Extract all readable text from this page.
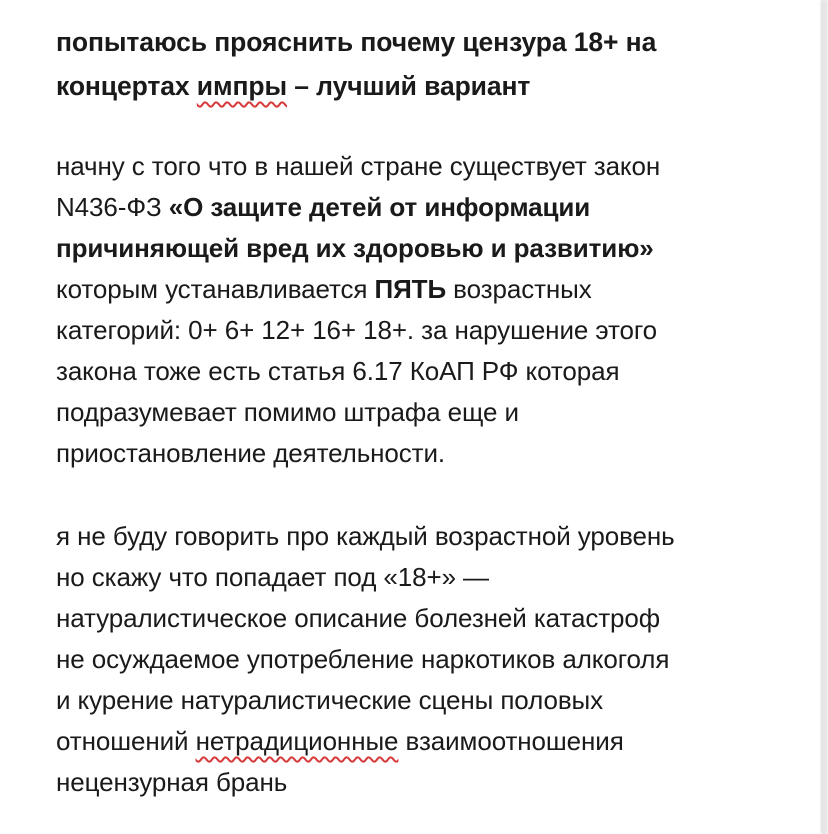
попытаюсь прояснить почему цензура 18+ на
концертах импры – лучший вариант
начну с того что в нашей стране существует закон
N436-ФЗ «О защите детей от информации
причиняющей вред их здоровью и развитию»
которым устанавливается ПЯТЬ возрастных
категорий: 0+ 6+ 12+ 16+ 18+. за нарушение этого
закона тоже есть статья 6.17 КоАП РФ которая
подразумевает помимо штрафа еще и
приостановление деятельности.
я не буду говорить про каждый возрастной уровень
но скажу что попадает под «18+» —
натуралистическое описание болезней катастроф
не осуждаемое употребление наркотиков алкоголя
и курение натуралистические сцены половых
отношений нетрадиционные взаимоотношения
нецензурная брань
